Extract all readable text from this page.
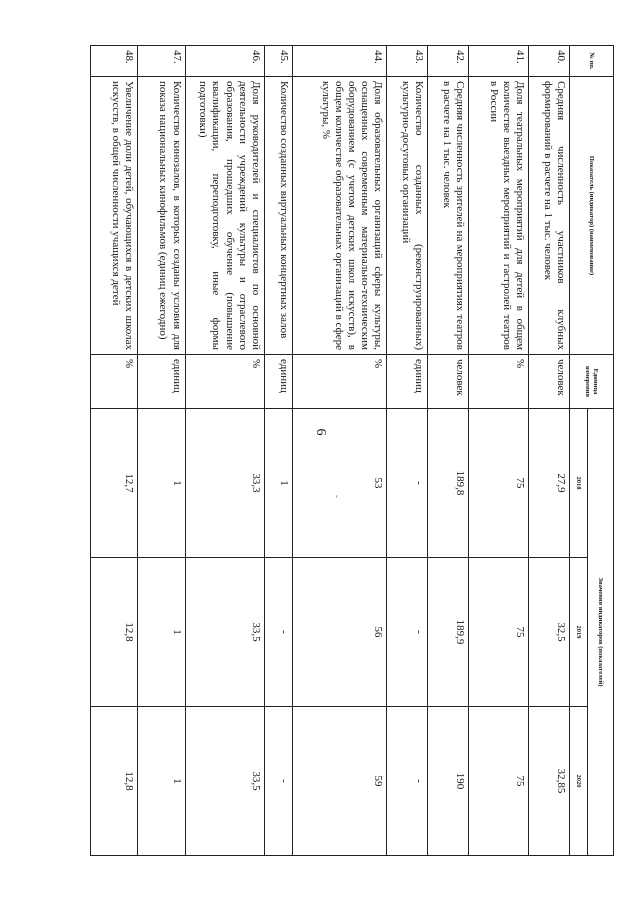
'
6
№ пп.	Показатель (индикатор) (наименование)	Единица измерения	Значения индикаторов (показателей)		
			2018	2019	2020
40.	Средняя численность участников клубных формирований в расчете на 1 тыс. человек	человек	27,9	32,5	32,85
41.	Доля театральных мероприятий для детей в общем количестве выездных мероприятий и гастролей театров в России	%	75	75	75
42.	Средняя численность зрителей на мероприятиях театров в расчете на 1 тыс. человек	человек	189,8	189,9	190
43.	Количество созданных (реконструированных) культурно-досуговых организаций	единиц	-	-	-
44.	Доля образовательных организаций сферы культуры, оснащенных современным материально-техническим оборудованием (с учетом детских школ искусств), в общем количестве образовательных организаций в сфере культуры, %	%	53	56	59
45.	Количество созданных виртуальных концертных залов	единиц	1	-	-
46.	Доля руководителей и специалистов по основной деятельности учреждений культуры и отраслевого образования, прошедших обучение (повышение квалификации, переподготовку, иные формы подготовки)	%	33,3	33,5	33,5
47.	Количество кинозалов, в которых созданы условия для показа национальных кинофильмов (единиц ежегодно)	единиц	1	1	1
48.	Увеличение доли детей, обучающихся в детских школах искусств, в общей численности учащихся детей	%	12,7	12,8	12,8
